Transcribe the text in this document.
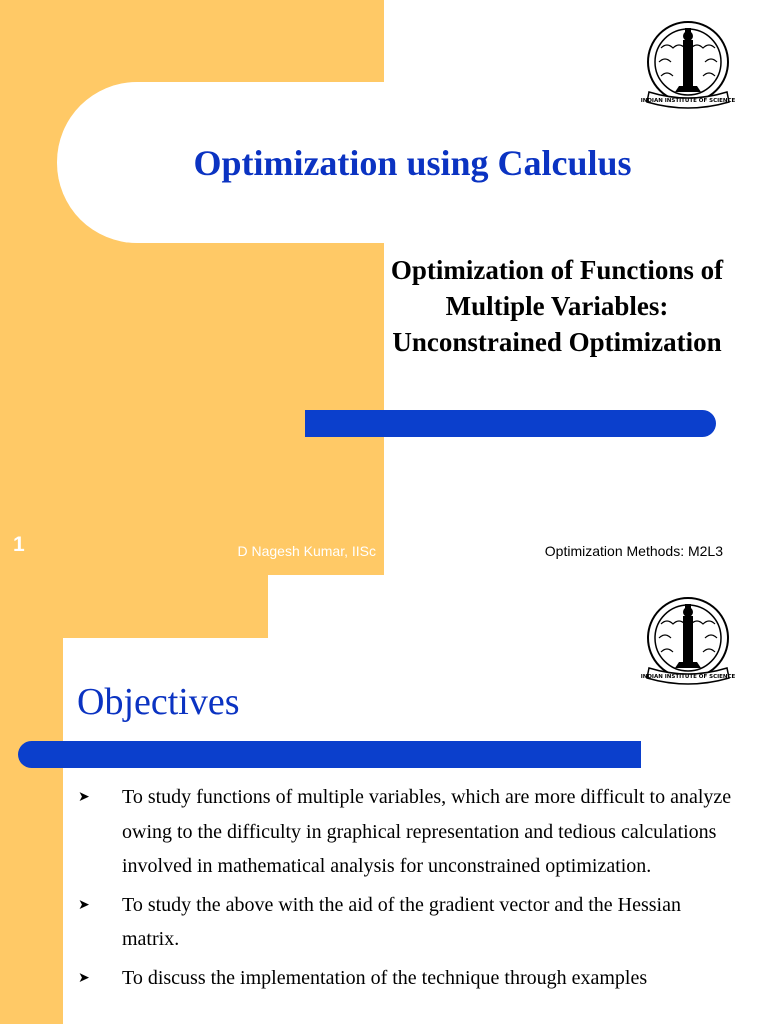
Optimization using Calculus
Optimization of Functions of Multiple Variables: Unconstrained Optimization
1	D Nagesh Kumar, IISc	Optimization Methods: M2L3
INDIAN INSTITUTE OF SCIENCE
INDIAN INSTITUTE OF SCIENCE
Objectives
➤ To study functions of multiple variables, which are more difficult to analyze owing to the difficulty in graphical representation and tedious calculations involved in mathematical analysis for unconstrained optimization.
➤ To study the above with the aid of the gradient vector and the Hessian matrix.
➤ To discuss the implementation of the technique through examples
